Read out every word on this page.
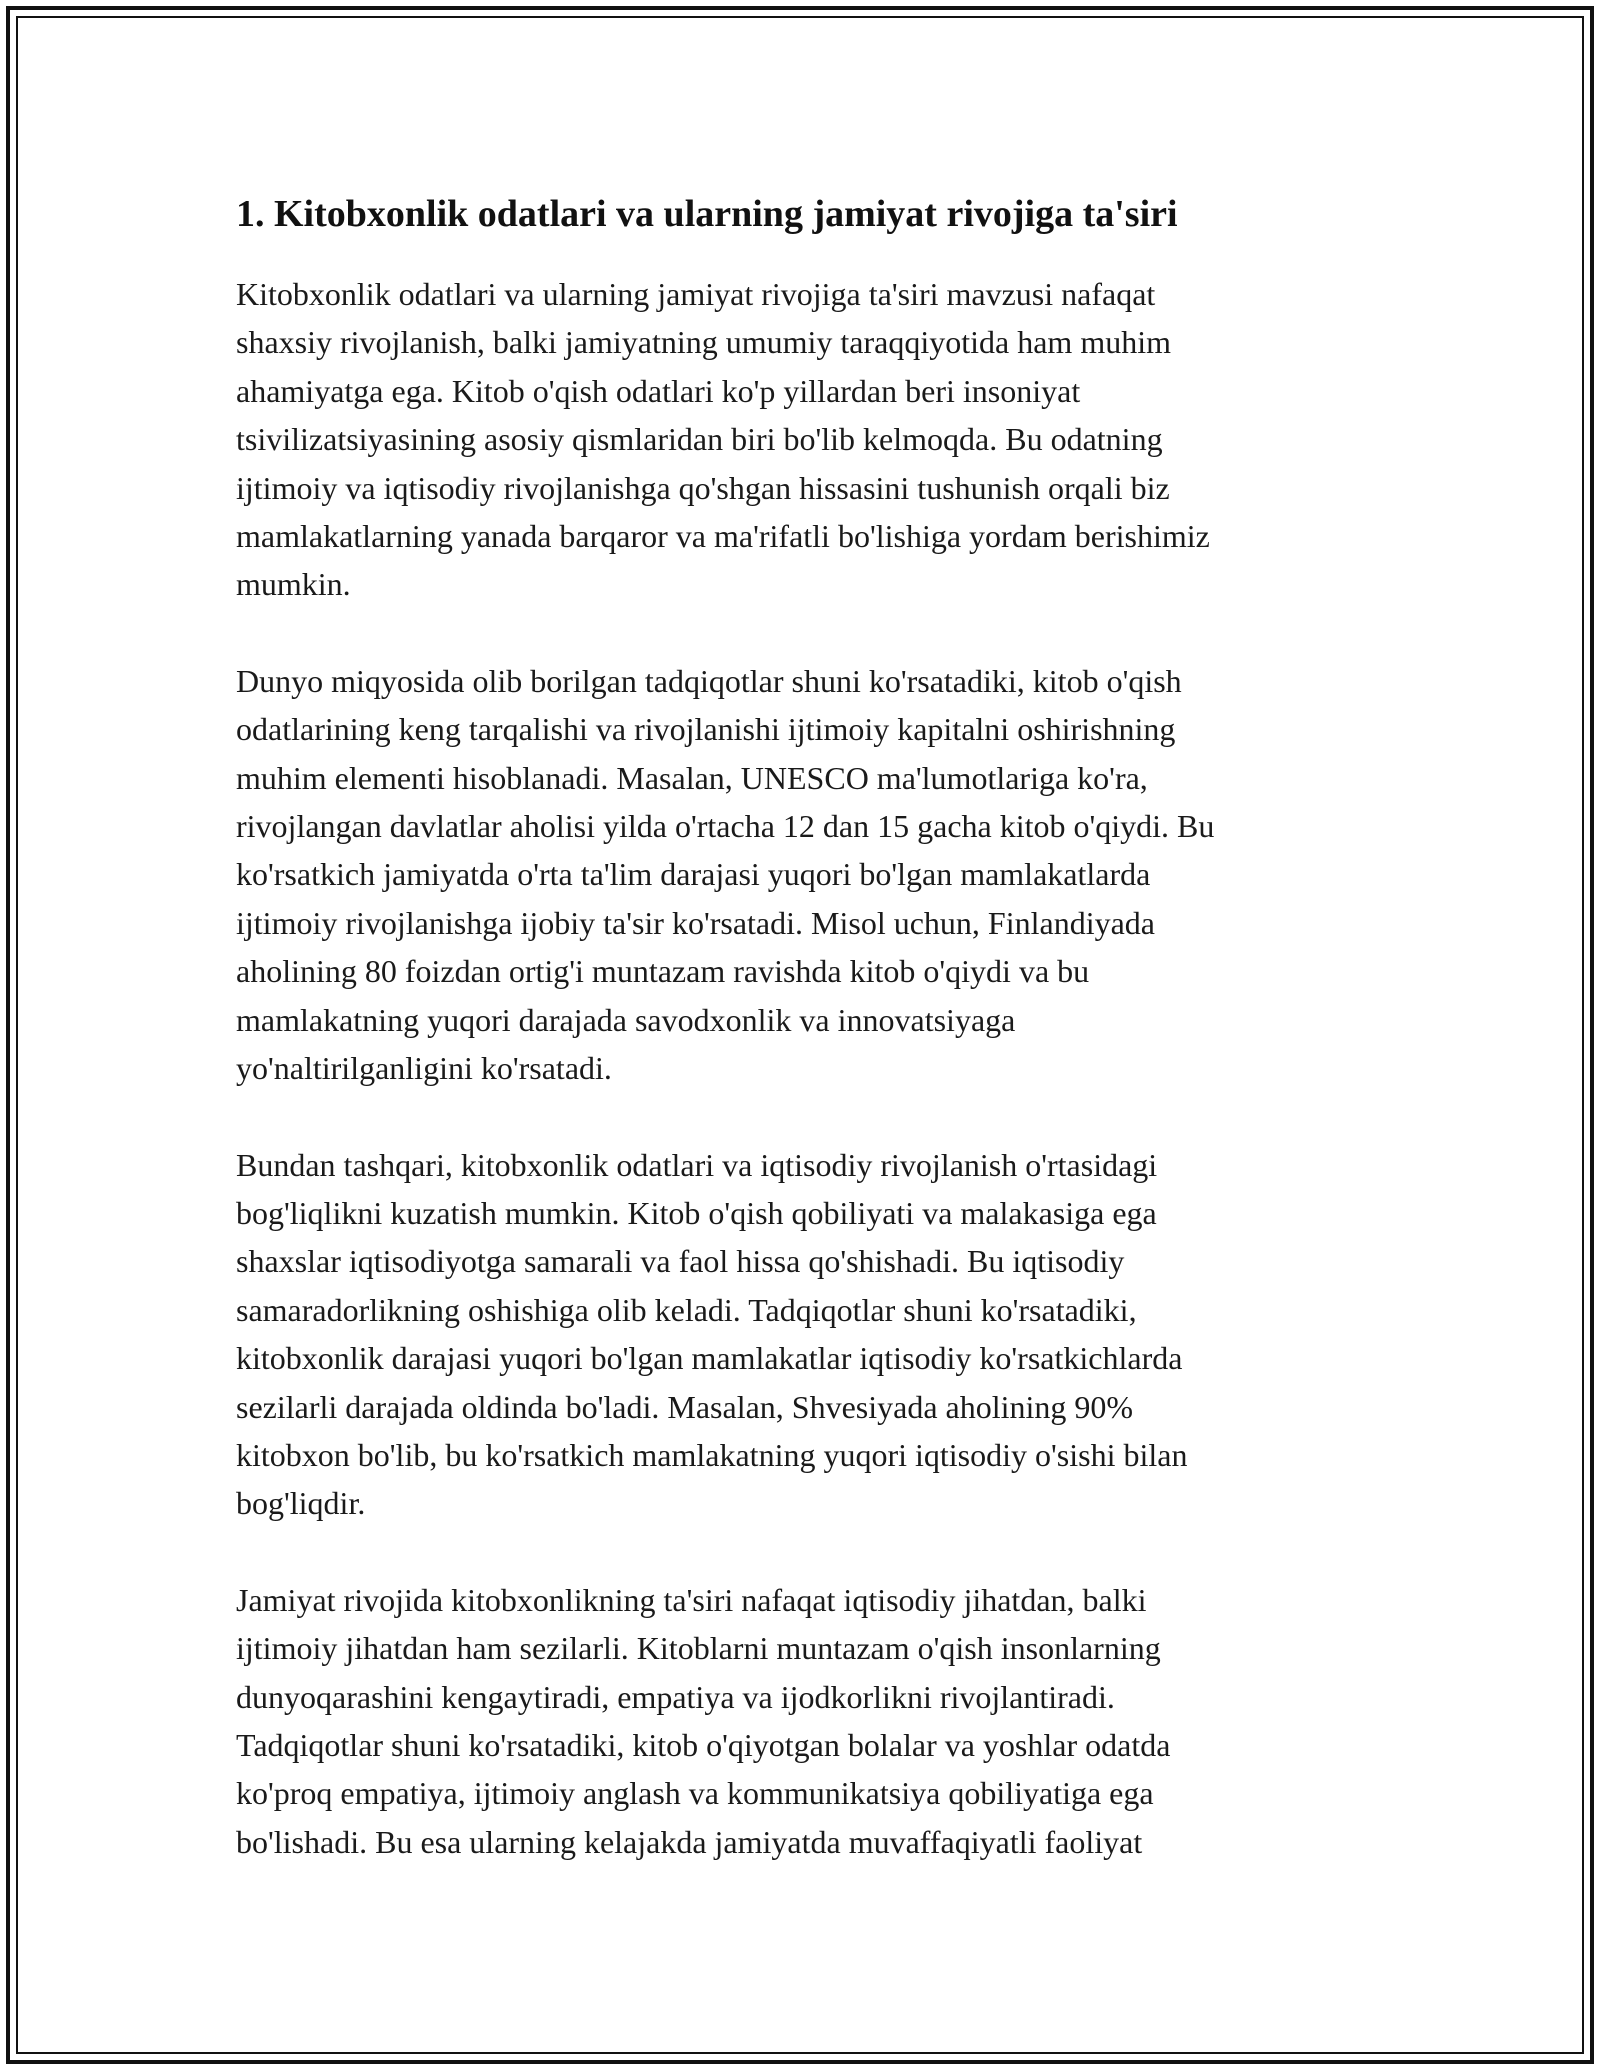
1. Kitobxonlik odatlari va ularning jamiyat rivojiga ta'siri

Kitobxonlik odatlari va ularning jamiyat rivojiga ta'siri mavzusi nafaqat
shaxsiy rivojlanish, balki jamiyatning umumiy taraqqiyotida ham muhim
ahamiyatga ega. Kitob o'qish odatlari ko'p yillardan beri insoniyat
tsivilizatsiyasining asosiy qismlaridan biri bo'lib kelmoqda. Bu odatning
ijtimoiy va iqtisodiy rivojlanishga qo'shgan hissasini tushunish orqali biz
mamlakatlarning yanada barqaror va ma'rifatli bo'lishiga yordam berishimiz
mumkin.

Dunyo miqyosida olib borilgan tadqiqotlar shuni ko'rsatadiki, kitob o'qish
odatlarining keng tarqalishi va rivojlanishi ijtimoiy kapitalni oshirishning
muhim elementi hisoblanadi. Masalan, UNESCO ma'lumotlariga ko'ra,
rivojlangan davlatlar aholisi yilda o'rtacha 12 dan 15 gacha kitob o'qiydi. Bu
ko'rsatkich jamiyatda o'rta ta'lim darajasi yuqori bo'lgan mamlakatlarda
ijtimoiy rivojlanishga ijobiy ta'sir ko'rsatadi. Misol uchun, Finlandiyada
aholining 80 foizdan ortig'i muntazam ravishda kitob o'qiydi va bu
mamlakatning yuqori darajada savodxonlik va innovatsiyaga
yo'naltirilganligini ko'rsatadi.

Bundan tashqari, kitobxonlik odatlari va iqtisodiy rivojlanish o'rtasidagi
bog'liqlikni kuzatish mumkin. Kitob o'qish qobiliyati va malakasiga ega
shaxslar iqtisodiyotga samarali va faol hissa qo'shishadi. Bu iqtisodiy
samaradorlikning oshishiga olib keladi. Tadqiqotlar shuni ko'rsatadiki,
kitobxonlik darajasi yuqori bo'lgan mamlakatlar iqtisodiy ko'rsatkichlarda
sezilarli darajada oldinda bo'ladi. Masalan, Shvesiyada aholining 90%
kitobxon bo'lib, bu ko'rsatkich mamlakatning yuqori iqtisodiy o'sishi bilan
bog'liqdir.

Jamiyat rivojida kitobxonlikning ta'siri nafaqat iqtisodiy jihatdan, balki
ijtimoiy jihatdan ham sezilarli. Kitoblarni muntazam o'qish insonlarning
dunyoqarashini kengaytiradi, empatiya va ijodkorlikni rivojlantiradi.
Tadqiqotlar shuni ko'rsatadiki, kitob o'qiyotgan bolalar va yoshlar odatda
ko'proq empatiya, ijtimoiy anglash va kommunikatsiya qobiliyatiga ega
bo'lishadi. Bu esa ularning kelajakda jamiyatda muvaffaqiyatli faoliyat
